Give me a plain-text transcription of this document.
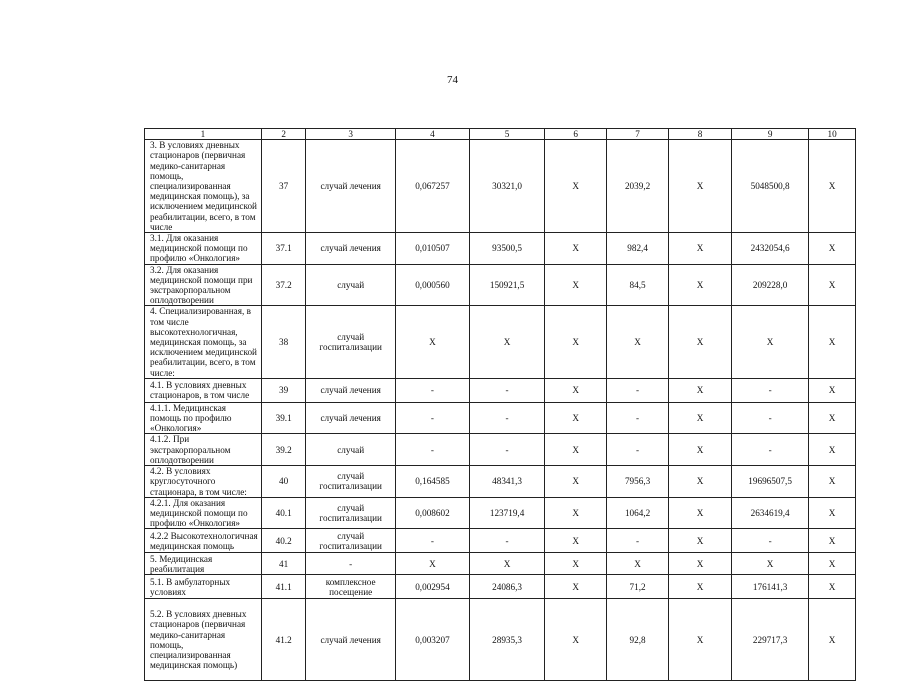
74
1	2	3	4	5	6	7	8	9	10
3. В условиях дневных стационаров (первичная медико-санитарная помощь, специализированная медицинская помощь), за исключением медицинской реабилитации, всего, в том числе	37	случай лечения	0,067257	30321,0	X	2039,2	X	5048500,8	X
3.1. Для оказания медицинской помощи по профилю «Онкология»	37.1	случай лечения	0,010507	93500,5	X	982,4	X	2432054,6	X
3.2. Для оказания медицинской помощи при экстракорпоральном оплодотворении	37.2	случай	0,000560	150921,5	X	84,5	X	209228,0	X
4. Специализированная, в том числе высокотехнологичная, медицинская помощь, за исключением медицинской реабилитации, всего, в том числе:	38	случай госпитализации	X	X	X	X	X	X	X
4.1. В условиях дневных стационаров, в том числе	39	случай лечения	-	-	X	-	X	-	X
4.1.1. Медицинская помощь по профилю «Онкология»	39.1	случай лечения	-	-	X	-	X	-	X
4.1.2. При экстракорпоральном оплодотворении	39.2	случай	-	-	X	-	X	-	X
4.2. В условиях круглосуточного стационара, в том числе:	40	случай госпитализации	0,164585	48341,3	X	7956,3	X	19696507,5	X
4.2.1. Для оказания медицинской помощи по профилю «Онкология»	40.1	случай госпитализации	0,008602	123719,4	X	1064,2	X	2634619,4	X
4.2.2 Высокотехнологичная медицинская помощь	40.2	случай госпитализации	-	-	X	-	X	-	X
5. Медицинская реабилитация	41	-	X	X	X	X	X	X	X
5.1. В амбулаторных условиях	41.1	комплексное посещение	0,002954	24086,3	X	71,2	X	176141,3	X
5.2. В условиях дневных стационаров (первичная медико-санитарная помощь, специализированная медицинская помощь)	41.2	случай лечения	0,003207	28935,3	X	92,8	X	229717,3	X
